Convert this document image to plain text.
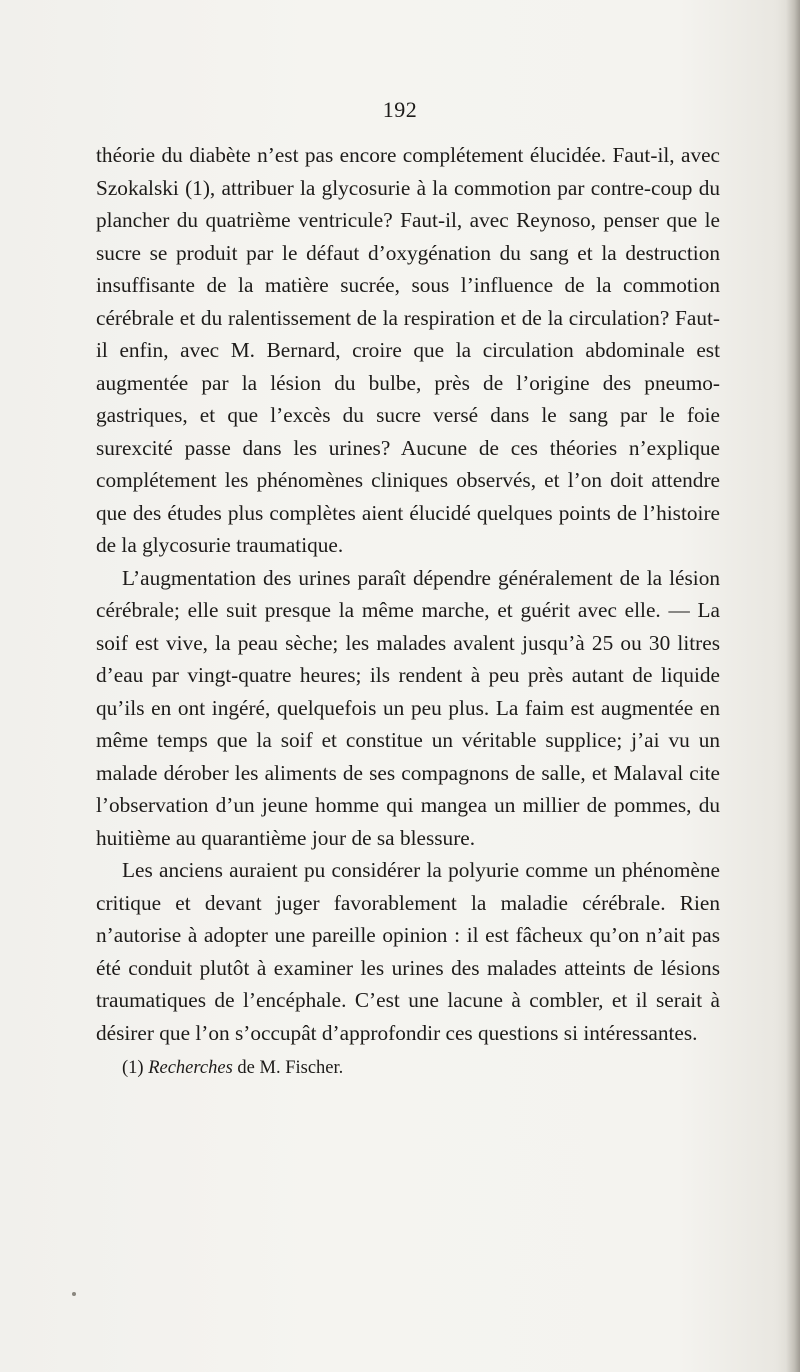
192

théorie du diabète n’est pas encore complétement élucidée. Faut-il, avec Szokalski (1), attribuer la glycosurie à la commotion par contre-coup du plancher du quatrième ventricule? Faut-il, avec Reynoso, penser que le sucre se produit par le défaut d’oxygénation du sang et la destruction insuffisante de la matière sucrée, sous l’influence de la commotion cérébrale et du ralentissement de la respiration et de la circulation? Faut-il enfin, avec M. Bernard, croire que la circulation abdominale est augmentée par la lésion du bulbe, près de l’origine des pneumo-gastriques, et que l’excès du sucre versé dans le sang par le foie surexcité passe dans les urines? Aucune de ces théories n’explique complétement les phénomènes cliniques observés, et l’on doit attendre que des études plus complètes aient élucidé quelques points de l’histoire de la glycosurie traumatique.

L’augmentation des urines paraît dépendre généralement de la lésion cérébrale; elle suit presque la même marche, et guérit avec elle. — La soif est vive, la peau sèche; les malades avalent jusqu’à 25 ou 30 litres d’eau par vingt-quatre heures; ils rendent à peu près autant de liquide qu’ils en ont ingéré, quelquefois un peu plus. La faim est augmentée en même temps que la soif et constitue un véritable supplice; j’ai vu un malade dérober les aliments de ses compagnons de salle, et Malaval cite l’observation d’un jeune homme qui mangea un millier de pommes, du huitième au quarantième jour de sa blessure.

Les anciens auraient pu considérer la polyurie comme un phénomène critique et devant juger favorablement la maladie cérébrale. Rien n’autorise à adopter une pareille opinion : il est fâcheux qu’on n’ait pas été conduit plutôt à examiner les urines des malades atteints de lésions traumatiques de l’encéphale. C’est une lacune à combler, et il serait à désirer que l’on s’occupât d’approfondir ces questions si intéressantes.

(1) Recherches de M. Fischer.
